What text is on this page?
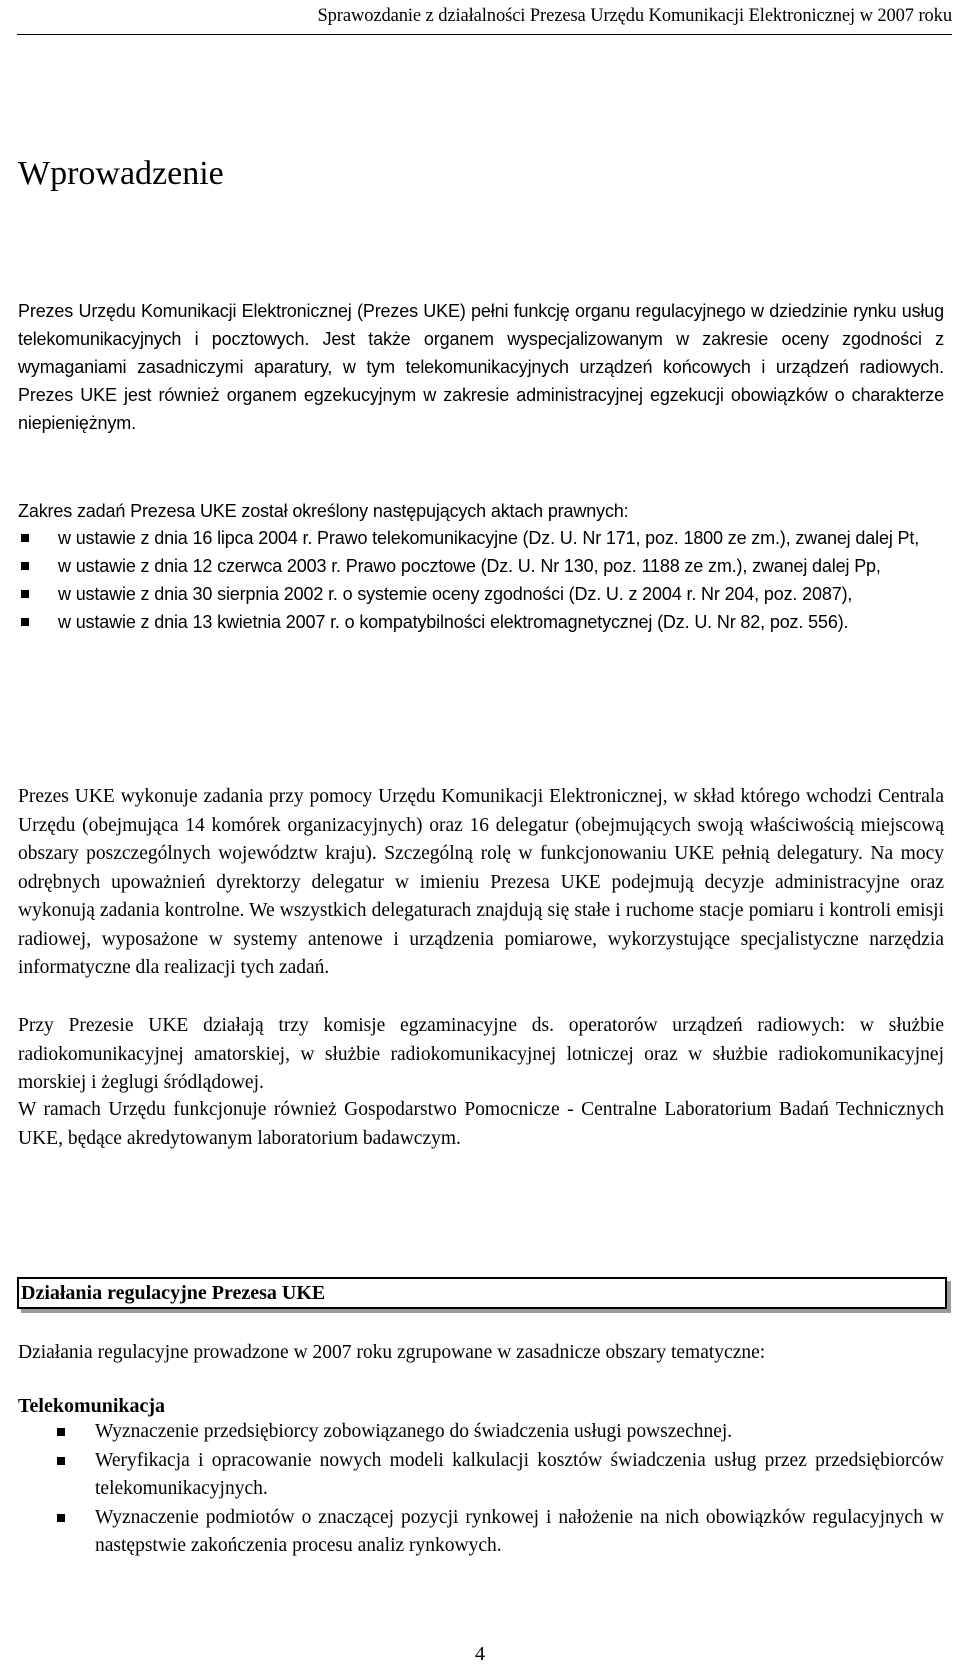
Sprawozdanie z działalności Prezesa Urzędu Komunikacji Elektronicznej w 2007 roku
Wprowadzenie

Prezes Urzędu Komunikacji Elektronicznej (Prezes UKE) pełni funkcję organu regulacyjnego w dziedzinie rynku usług telekomunikacyjnych i pocztowych. Jest także organem wyspecjalizowanym w zakresie oceny zgodności z wymaganiami zasadniczymi aparatury, w tym telekomunikacyjnych urządzeń końcowych i urządzeń radiowych. Prezes UKE jest również organem egzekucyjnym w zakresie administracyjnej egzekucji obowiązków o charakterze niepieniężnym.

Zakres zadań Prezesa UKE został określony następujących aktach prawnych:

w ustawie z dnia 16 lipca 2004 r. Prawo telekomunikacyjne (Dz. U. Nr 171, poz. 1800 ze zm.), zwanej dalej Pt,
w ustawie z dnia 12 czerwca 2003 r. Prawo pocztowe (Dz. U. Nr 130, poz. 1188 ze zm.), zwanej dalej Pp,
w ustawie z dnia 30 sierpnia 2002 r. o systemie oceny zgodności (Dz. U. z 2004 r. Nr 204, poz. 2087),
w ustawie z dnia 13 kwietnia 2007 r. o kompatybilności elektromagnetycznej (Dz. U. Nr 82, poz. 556).

Prezes UKE wykonuje zadania przy pomocy Urzędu Komunikacji Elektronicznej, w skład którego wchodzi Centrala Urzędu (obejmująca 14 komórek organizacyjnych) oraz 16 delegatur (obejmujących swoją właściwością miejscową obszary poszczególnych województw kraju). Szczególną rolę w funkcjonowaniu UKE pełnią delegatury. Na mocy odrębnych upoważnień dyrektorzy delegatur w imieniu Prezesa UKE podejmują decyzje administracyjne oraz wykonują zadania kontrolne. We wszystkich delegaturach znajdują się stałe i ruchome stacje pomiaru i kontroli emisji radiowej, wyposażone w systemy antenowe i urządzenia pomiarowe, wykorzystujące specjalistyczne narzędzia informatyczne dla realizacji tych zadań.

Przy Prezesie UKE działają trzy komisje egzaminacyjne ds. operatorów urządzeń radiowych: w służbie radiokomunikacyjnej amatorskiej, w służbie radiokomunikacyjnej lotniczej oraz w służbie radiokomunikacyjnej morskiej i żeglugi śródlądowej.

W ramach Urzędu funkcjonuje również Gospodarstwo Pomocnicze - Centralne Laboratorium Badań Technicznych UKE, będące akredytowanym laboratorium badawczym.

Działania regulacyjne Prezesa UKE

Działania regulacyjne prowadzone w 2007 roku zgrupowane w zasadnicze obszary tematyczne:

Telekomunikacja
Wyznaczenie przedsiębiorcy zobowiązanego do świadczenia usługi powszechnej.
Weryfikacja i opracowanie nowych modeli kalkulacji kosztów świadczenia usług przez przedsiębiorców telekomunikacyjnych.
Wyznaczenie podmiotów o znaczącej pozycji rynkowej i nałożenie na nich obowiązków regulacyjnych w następstwie zakończenia procesu analiz rynkowych.
4
